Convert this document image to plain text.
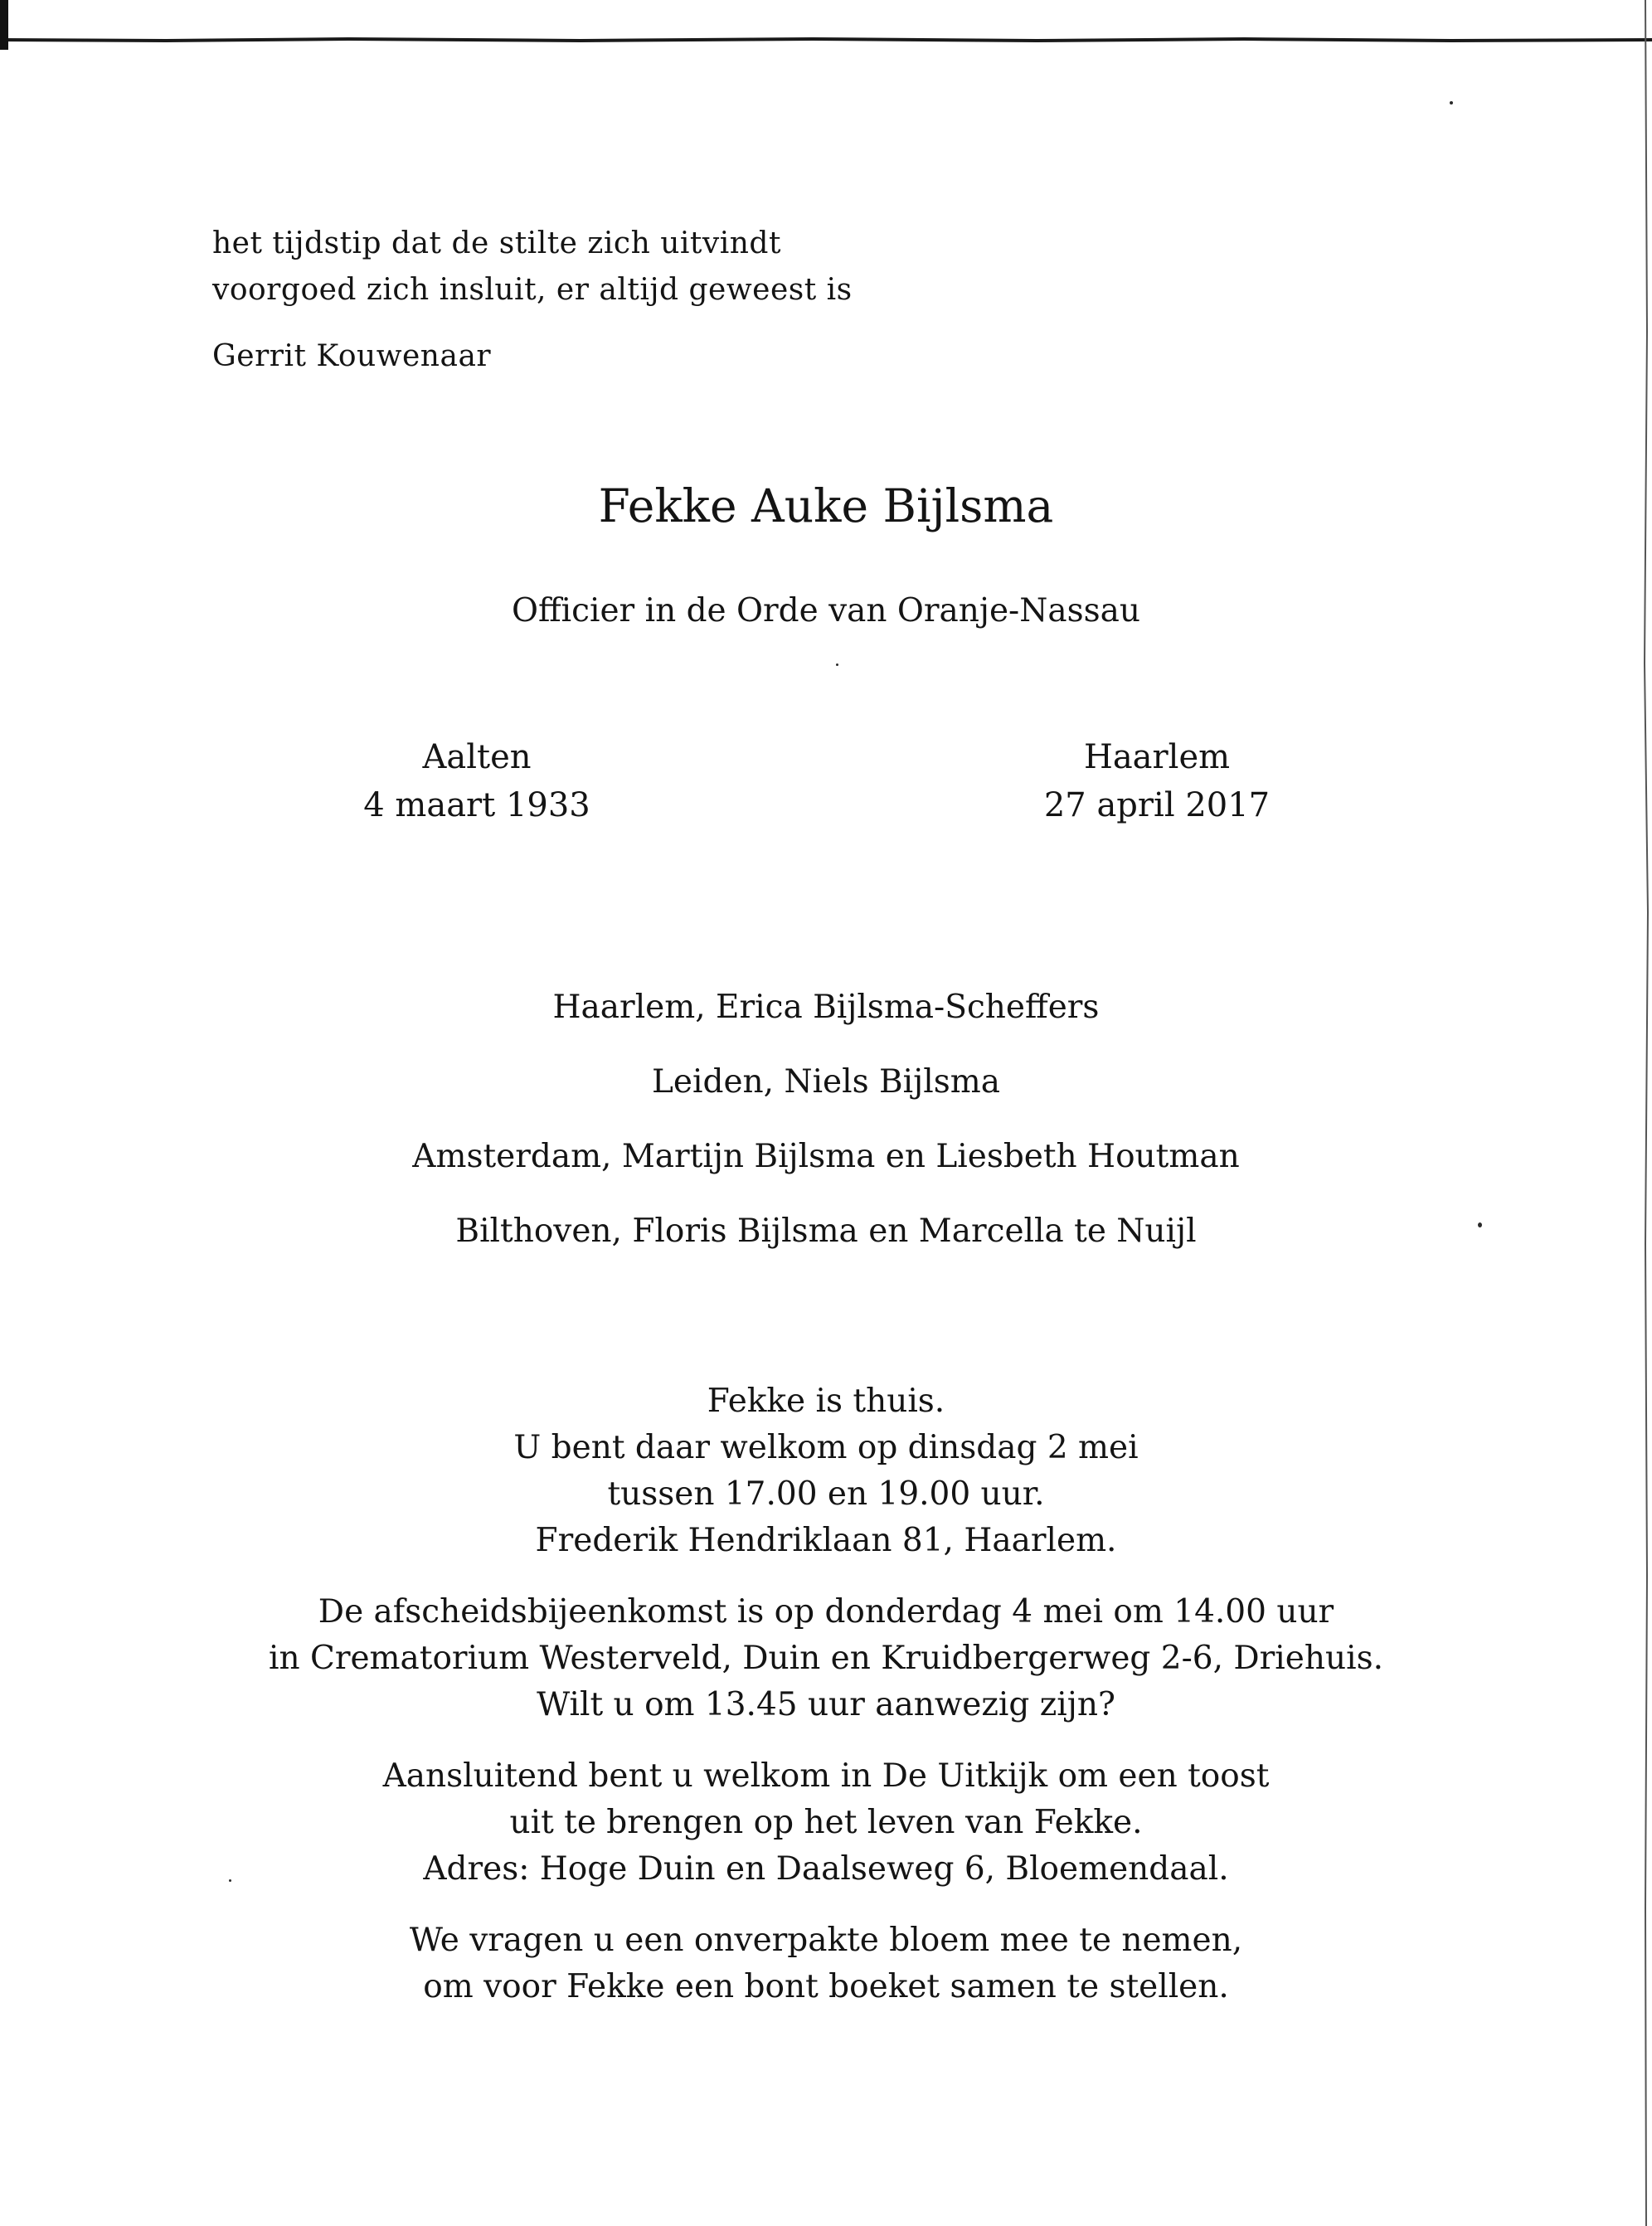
het tijdstip dat de stilte zich uitvindt
voorgoed zich insluit, er altijd geweest is
Gerrit Kouwenaar
Fekke Auke Bijlsma
Officier in de Orde van Oranje-Nassau
Aalten
4 maart 1933
Haarlem
27 april 2017
Haarlem, Erica Bijlsma-Scheffers
Leiden, Niels Bijlsma
Amsterdam, Martijn Bijlsma en Liesbeth Houtman
Bilthoven, Floris Bijlsma en Marcella te Nuijl
Fekke is thuis.
U bent daar welkom op dinsdag 2 mei
tussen 17.00 en 19.00 uur.
Frederik Hendriklaan 81, Haarlem.
De afscheidsbijeenkomst is op donderdag 4 mei om 14.00 uur
in Crematorium Westerveld, Duin en Kruidbergerweg 2-6, Driehuis.
Wilt u om 13.45 uur aanwezig zijn?
Aansluitend bent u welkom in De Uitkijk om een toost
uit te brengen op het leven van Fekke.
Adres: Hoge Duin en Daalseweg 6, Bloemendaal.
We vragen u een onverpakte bloem mee te nemen,
om voor Fekke een bont boeket samen te stellen.
